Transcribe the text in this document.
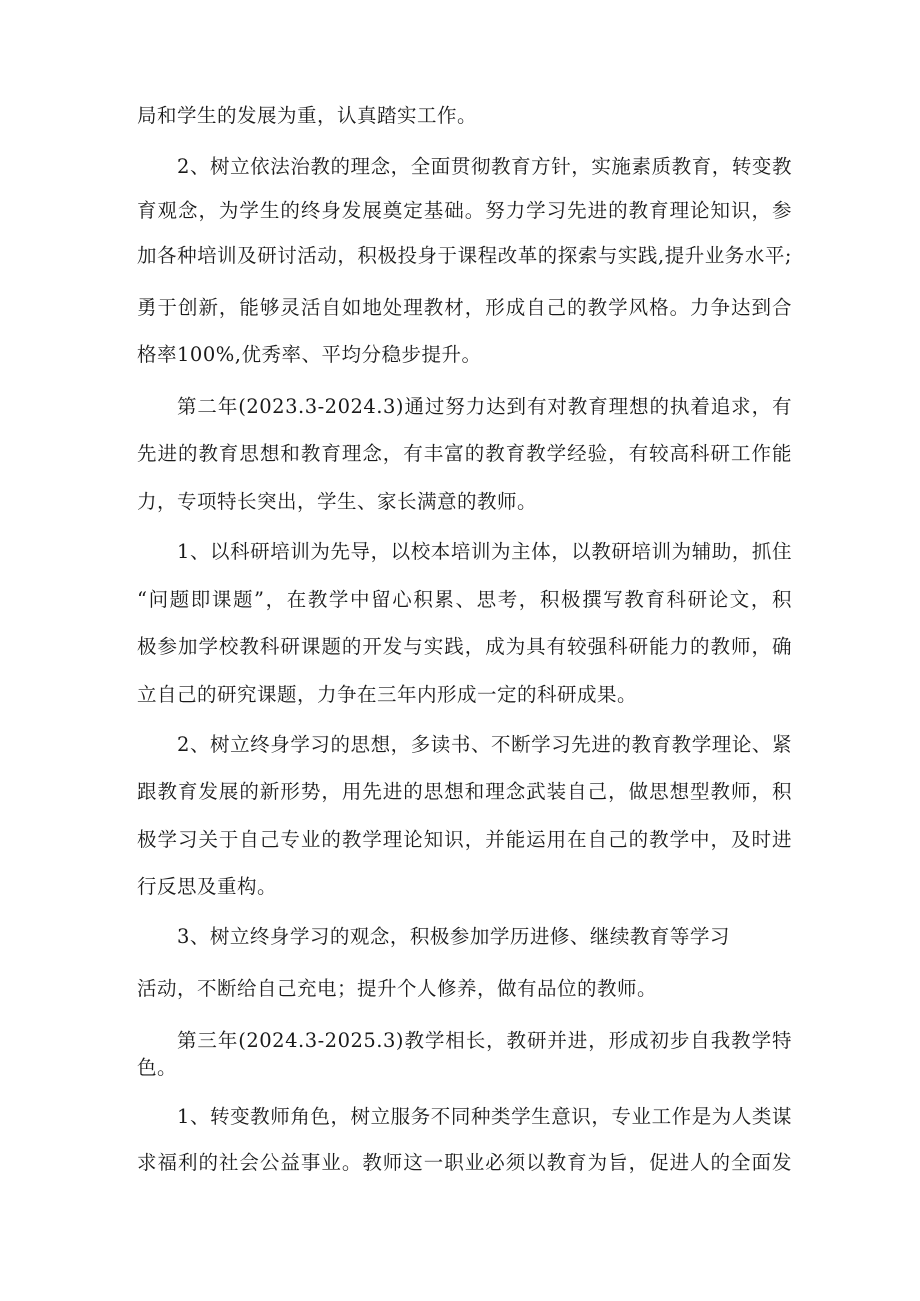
局和学生的发展为重，认真踏实工作。
2、树立依法治教的理念，全面贯彻教育方针，实施素质教育，转变教
育观念，为学生的终身发展奠定基础。努力学习先进的教育理论知识，参
加各种培训及研讨活动，积极投身于课程改革的探索与实践,提升业务水平;
勇于创新，能够灵活自如地处理教材，形成自己的教学风格。力争达到合
格率100%,优秀率、平均分稳步提升。
第二年(2023.3-2024.3)通过努力达到有对教育理想的执着追求，有
先进的教育思想和教育理念，有丰富的教育教学经验，有较高科研工作能
力，专项特长突出，学生、家长满意的教师。
1、以科研培训为先导，以校本培训为主体，以教研培训为辅助，抓住
“问题即课题”，在教学中留心积累、思考，积极撰写教育科研论文，积
极参加学校教科研课题的开发与实践，成为具有较强科研能力的教师，确
立自己的研究课题，力争在三年内形成一定的科研成果。
2、树立终身学习的思想，多读书、不断学习先进的教育教学理论、紧
跟教育发展的新形势，用先进的思想和理念武装自己，做思想型教师，积
极学习关于自己专业的教学理论知识，并能运用在自己的教学中，及时进
行反思及重构。
3、树立终身学习的观念，积极参加学历进修、继续教育等学习
活动，不断给自己充电；提升个人修养，做有品位的教师。
第三年(2024.3-2025.3)教学相长，教研并进，形成初步自我教学特
色。
1、转变教师角色，树立服务不同种类学生意识，专业工作是为人类谋
求福利的社会公益事业。教师这一职业必须以教育为旨，促进人的全面发
